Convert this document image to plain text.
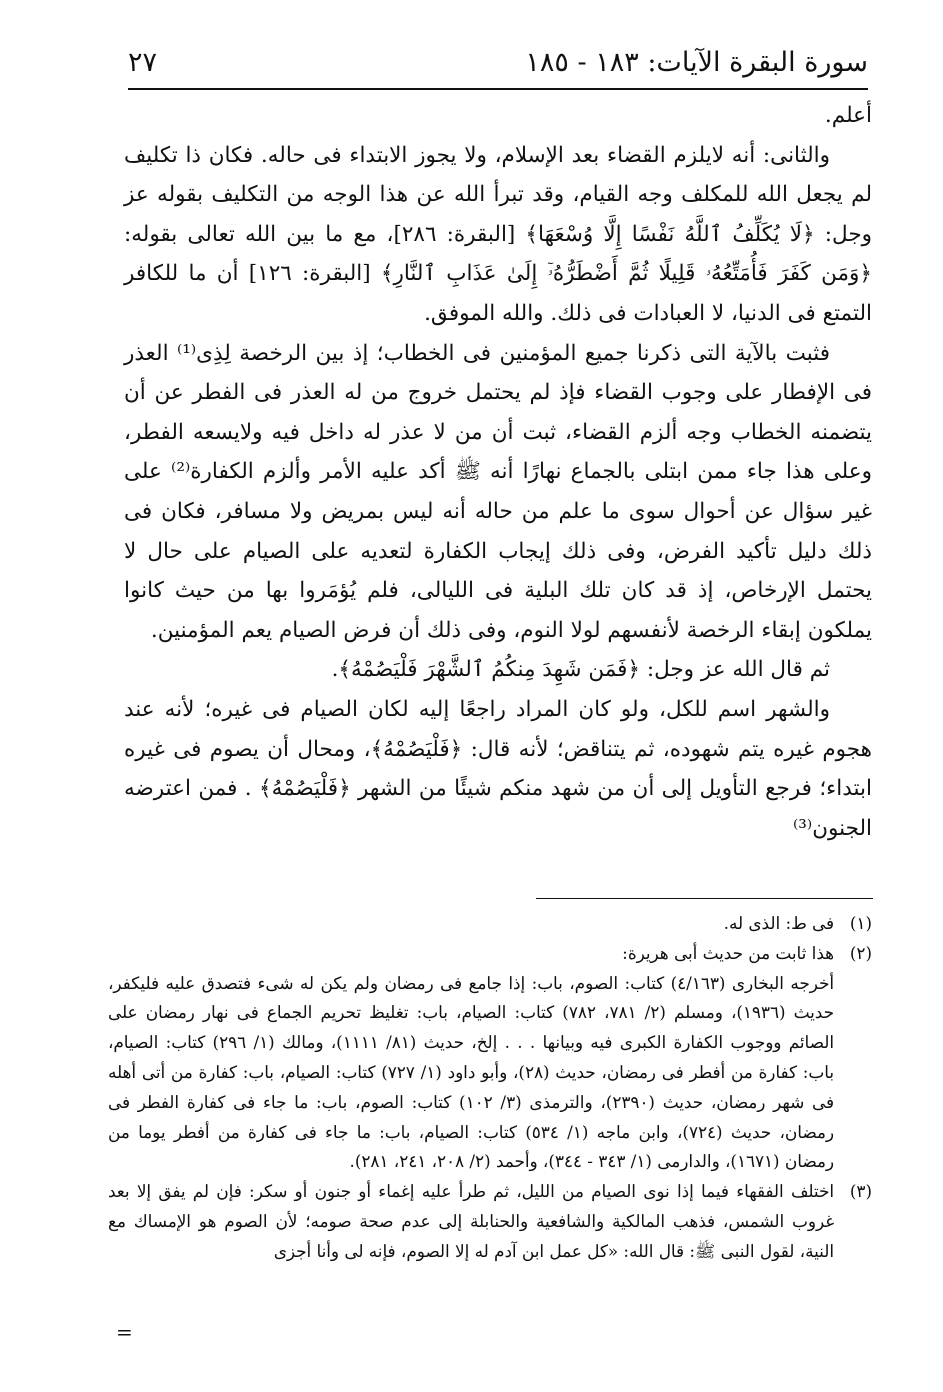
سورة البقرة الآيات: ١٨٣ - ١٨٥
٢٧

أعلم.

والثانى: أنه لايلزم القضاء بعد الإسلام، ولا يجوز الابتداء فى حاله. فكان ذا تكليف لم يجعل الله للمكلف وجه القيام، وقد تبرأ الله عن هذا الوجه من التكليف بقوله عز وجل: ﴿لَا يُكَلِّفُ ٱللَّهُ نَفْسًا إِلَّا وُسْعَهَا﴾ [البقرة: ٢٨٦]، مع ما بين الله تعالى بقوله: ﴿وَمَن كَفَرَ فَأُمَتِّعُهُۥ قَلِيلًا ثُمَّ أَضْطَرُّهُۥٓ إِلَىٰ عَذَابِ ٱلنَّارِ﴾ [البقرة: ١٢٦] أن ما للكافر التمتع فى الدنيا، لا العبادات فى ذلك. والله الموفق.

فثبت بالآية التى ذكرنا جميع المؤمنين فى الخطاب؛ إذ بين الرخصة لِذِى⁽¹⁾ العذر فى الإفطار على وجوب القضاء فإذ لم يحتمل خروج من له العذر فى الفطر عن أن يتضمنه الخطاب وجه ألزم القضاء، ثبت أن من لا عذر له داخل فيه ولايسعه الفطر، وعلى هذا جاء ممن ابتلى بالجماع نهارًا أنه ﷺ أكد عليه الأمر وألزم الكفارة⁽²⁾ على غير سؤال عن أحوال سوى ما علم من حاله أنه ليس بمريض ولا مسافر، فكان فى ذلك دليل تأكيد الفرض، وفى ذلك إيجاب الكفارة لتعديه على الصيام على حال لا يحتمل الإرخاص، إذ قد كان تلك البلية فى الليالى، فلم يُؤمَروا بها من حيث كانوا يملكون إبقاء الرخصة لأنفسهم لولا النوم، وفى ذلك أن فرض الصيام يعم المؤمنين.

ثم قال الله عز وجل: ﴿فَمَن شَهِدَ مِنكُمُ ٱلشَّهْرَ فَلْيَصُمْهُ﴾.

والشهر اسم للكل، ولو كان المراد راجعًا إليه لكان الصيام فى غيره؛ لأنه عند هجوم غيره يتم شهوده، ثم يتناقض؛ لأنه قال: ﴿فَلْيَصُمْهُ﴾، ومحال أن يصوم فى غيره ابتداء؛ فرجع التأويل إلى أن من شهد منكم شيئًا من الشهر ﴿فَلْيَصُمْهُ﴾ . فمن اعترضه الجنون⁽³⁾

(١)

فى ط: الذى له.

(٢)

هذا ثابت من حديث أبى هريرة:

أخرجه البخارى (٤/١٦٣) كتاب: الصوم، باب: إذا جامع فى رمضان ولم يكن له شىء فتصدق عليه فليكفر، حديث (١٩٣٦)، ومسلم (٢/ ٧٨١، ٧٨٢) كتاب: الصيام، باب: تغليظ تحريم الجماع فى نهار رمضان على الصائم ووجوب الكفارة الكبرى فيه وبيانها . . . إلخ، حديث (٨١/ ١١١١)، ومالك (١/ ٢٩٦) كتاب: الصيام، باب: كفارة من أفطر فى رمضان، حديث (٢٨)، وأبو داود (١/ ٧٢٧) كتاب: الصيام، باب: كفارة من أتى أهله فى شهر رمضان، حديث (٢٣٩٠)، والترمذى (٣/ ١٠٢) كتاب: الصوم، باب: ما جاء فى كفارة الفطر فى رمضان، حديث (٧٢٤)، وابن ماجه (١/ ٥٣٤) كتاب: الصيام، باب: ما جاء فى كفارة من أفطر يوما من رمضان (١٦٧١)، والدارمى (١/ ٣٤٣ - ٣٤٤)، وأحمد (٢/ ٢٠٨، ٢٤١، ٢٨١).

(٣)

اختلف الفقهاء فيما إذا نوى الصيام من الليل، ثم طرأ عليه إغماء أو جنون أو سكر: فإن لم يفق إلا بعد غروب الشمس، فذهب المالكية والشافعية والحنابلة إلى عدم صحة صومه؛ لأن الصوم هو الإمساك مع النية، لقول النبى ﷺ: قال الله: «كل عمل ابن آدم له إلا الصوم، فإنه لى وأنا أجزى

=
